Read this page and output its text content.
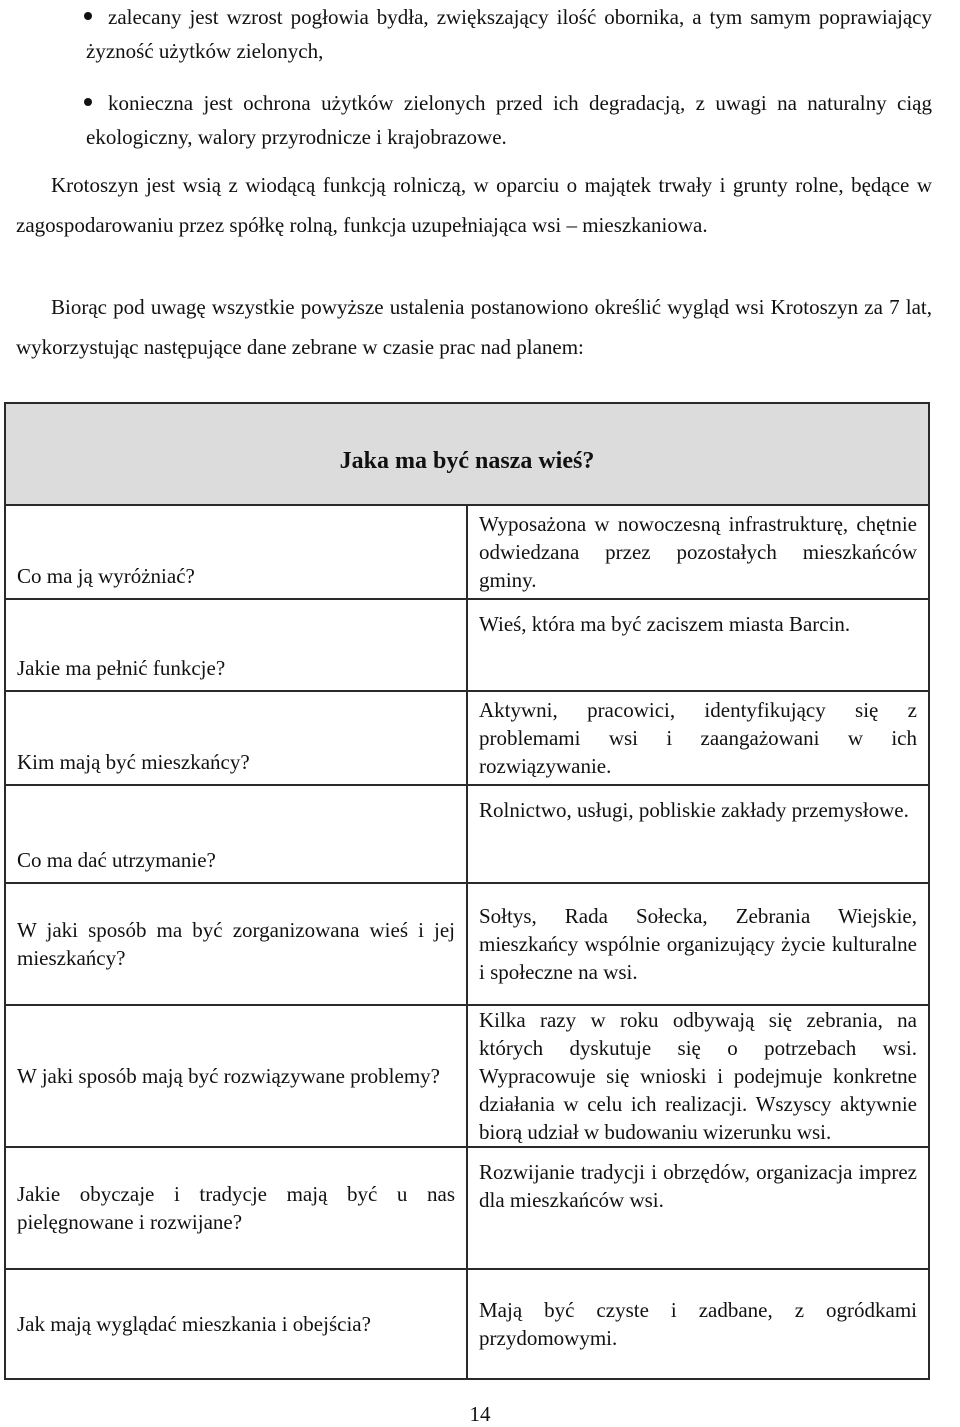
zalecany jest wzrost pogłowia bydła, zwiększający ilość obornika, a tym samym poprawiający żyzność użytków zielonych,
konieczna jest ochrona użytków zielonych przed ich degradacją, z uwagi na naturalny ciąg ekologiczny, walory przyrodnicze i krajobrazowe.

Krotoszyn jest wsią z wiodącą funkcją rolniczą, w oparciu o majątek trwały i grunty rolne, będące w zagospodarowaniu przez spółkę rolną, funkcja uzupełniająca wsi – mieszkaniowa.

Biorąc pod uwagę wszystkie powyższe ustalenia postanowiono określić wygląd wsi Krotoszyn za 7 lat, wykorzystując następujące dane zebrane w czasie prac nad planem:

Jaka ma być nasza wieś?	
Co ma ją wyróżniać?	Wyposażona w nowoczesną infrastrukturę, chętnie odwiedzana przez pozostałych mieszkańców gminy.
Jakie ma pełnić funkcje?	Wieś, która ma być zaciszem miasta Barcin.
Kim mają być mieszkańcy?	Aktywni, pracowici, identyfikujący się z problemami wsi i zaangażowani w ich rozwiązywanie.
Co ma dać utrzymanie?	Rolnictwo, usługi, pobliskie zakłady przemysłowe.
W jaki sposób ma być zorganizowana wieś i jej mieszkańcy?	Sołtys, Rada Sołecka, Zebrania Wiejskie, mieszkańcy wspólnie organizujący życie kulturalne i społeczne na wsi.
W jaki sposób mają być rozwiązywane problemy?	Kilka razy w roku odbywają się zebrania, na których dyskutuje się o potrzebach wsi. Wypracowuje się wnioski i podejmuje konkretne działania w celu ich realizacji. Wszyscy aktywnie biorą udział w budowaniu wizerunku wsi.
Jakie obyczaje i tradycje mają być u nas pielęgnowane i rozwijane?	Rozwijanie tradycji i obrzędów, organizacja imprez dla mieszkańców wsi.
Jak mają wyglądać mieszkania i obejścia?	Mają być czyste i zadbane, z ogródkami przydomowymi.
14
